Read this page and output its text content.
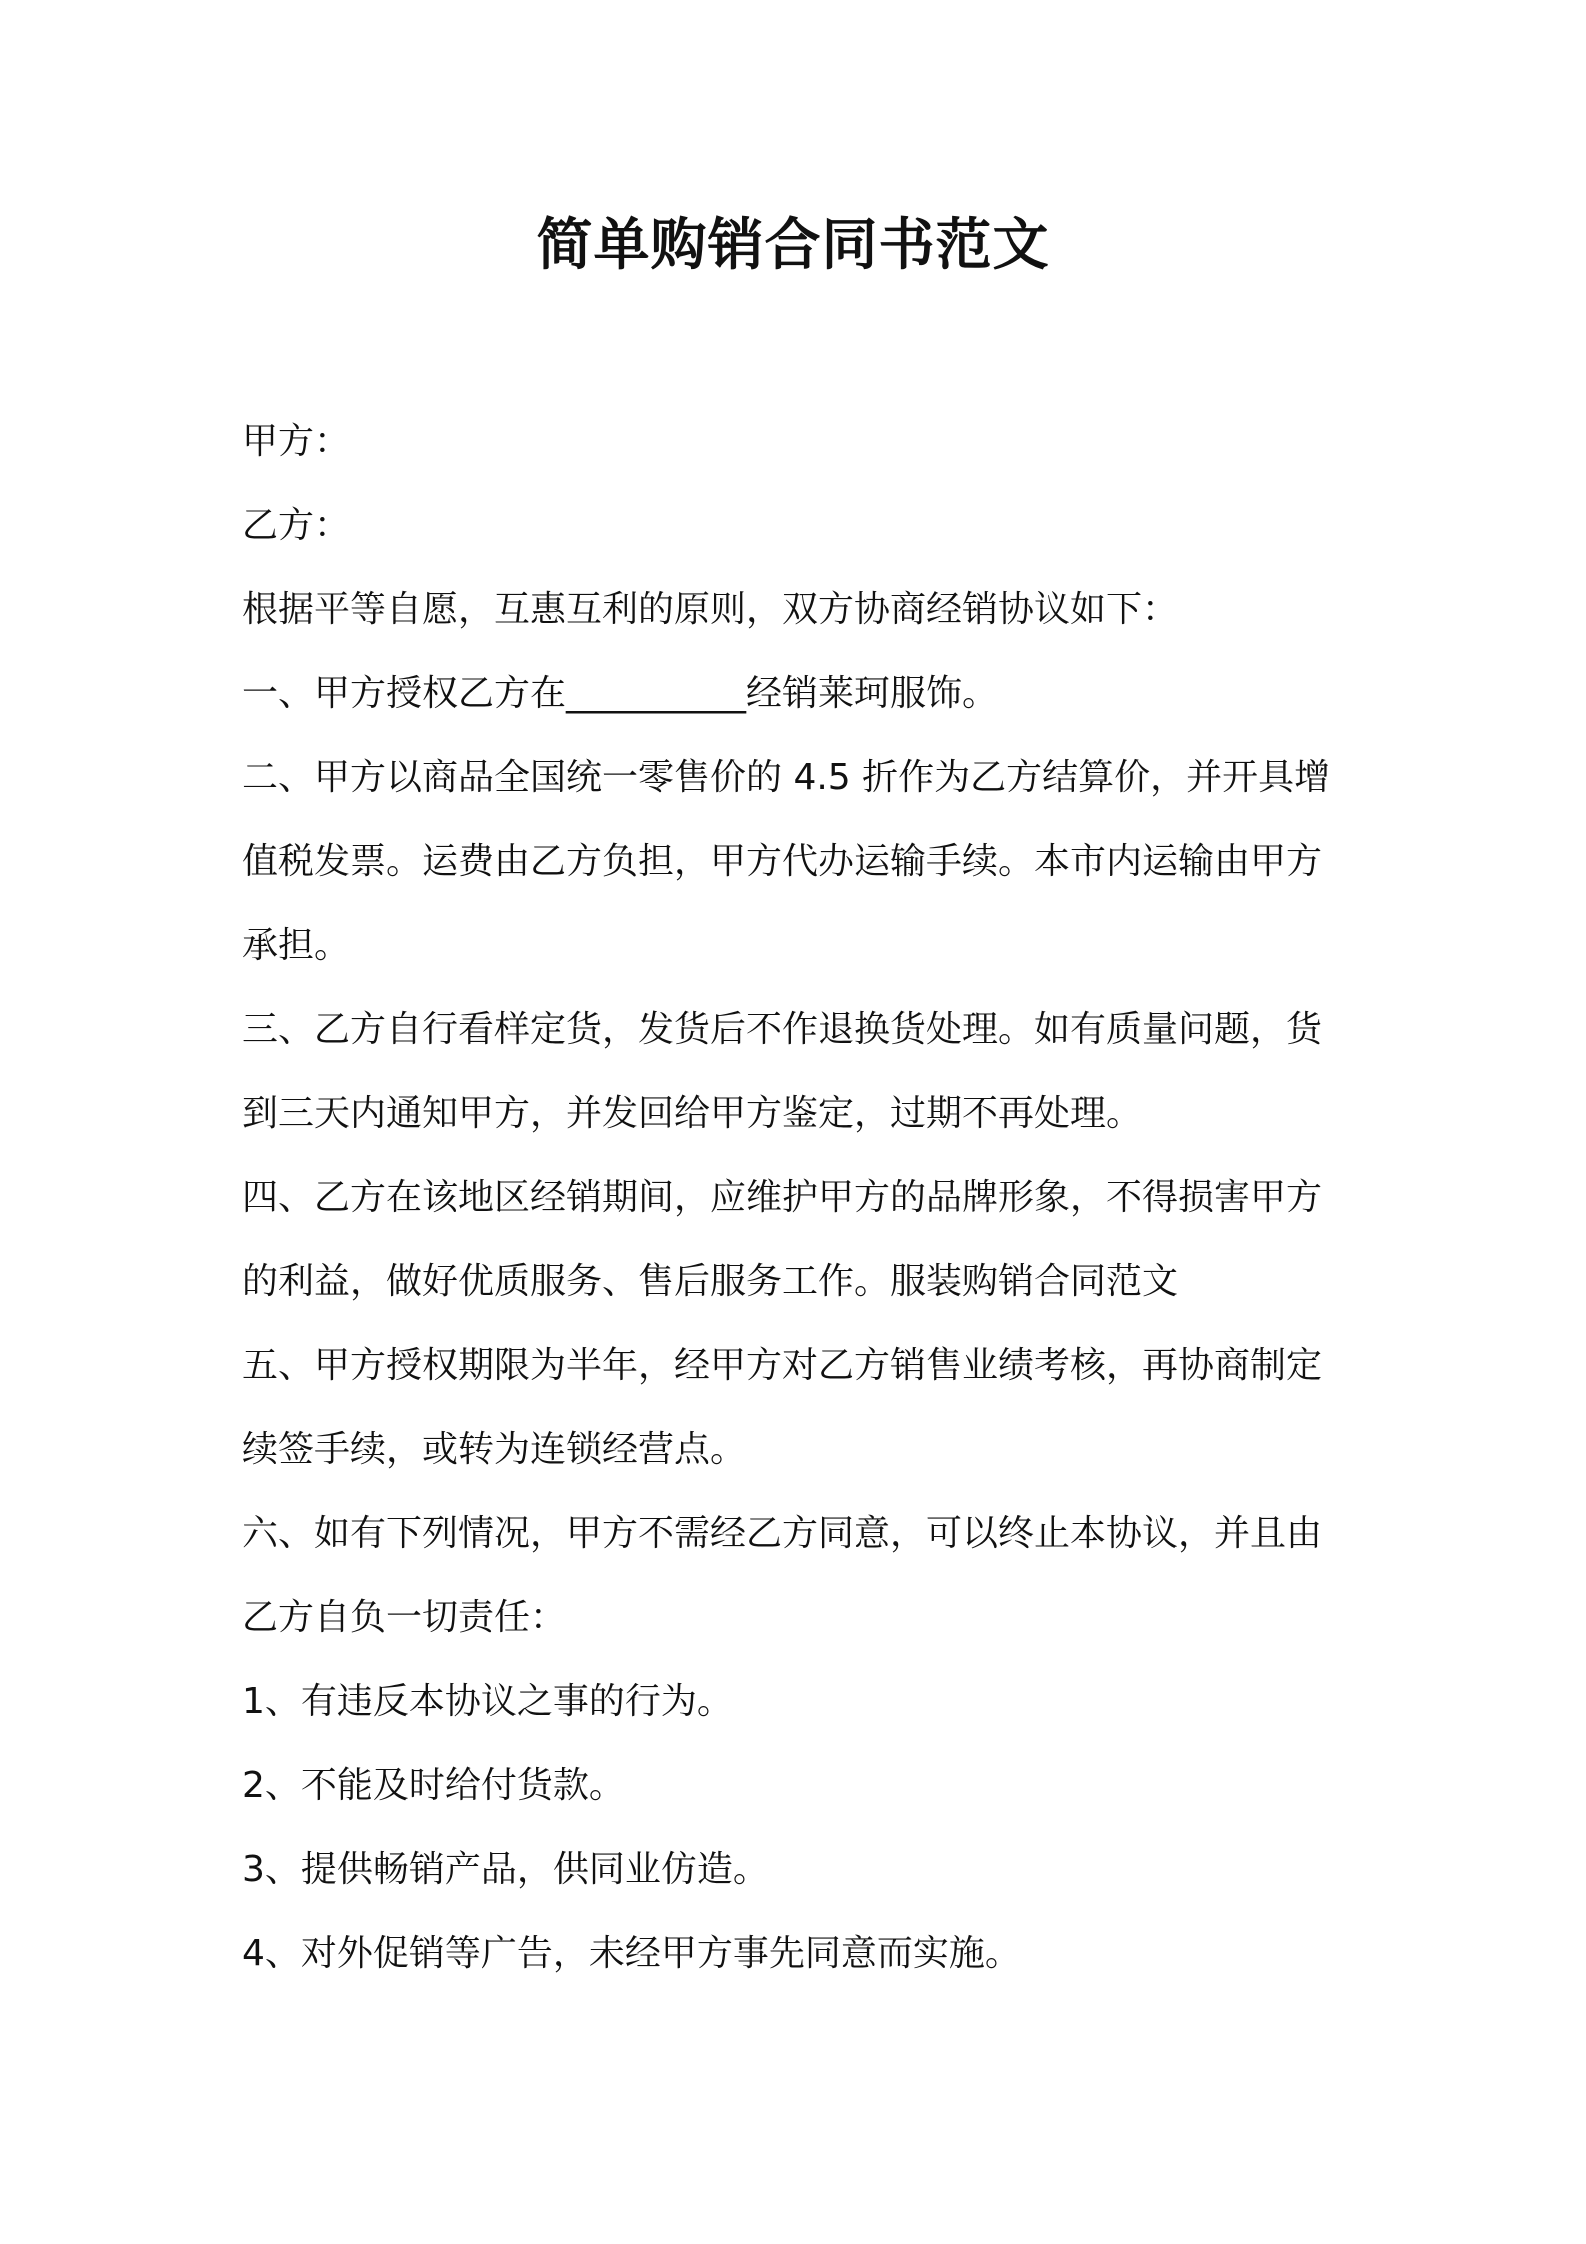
简单购销合同书范文

甲方：

乙方：

根据平等自愿，互惠互利的原则，双方协商经销协议如下：

一、甲方授权乙方在__________经销莱珂服饰。

二、甲方以商品全国统一零售价的 4.5 折作为乙方结算价，并开具增
值税发票。运费由乙方负担，甲方代办运输手续。本市内运输由甲方
承担。
三、乙方自行看样定货，发货后不作退换货处理。如有质量问题，货
到三天内通知甲方，并发回给甲方鉴定，过期不再处理。
四、乙方在该地区经销期间，应维护甲方的品牌形象，不得损害甲方
的利益，做好优质服务、售后服务工作。服装购销合同范文
五、甲方授权期限为半年，经甲方对乙方销售业绩考核，再协商制定
续签手续，或转为连锁经营点。
六、如有下列情况，甲方不需经乙方同意，可以终止本协议，并且由
乙方自负一切责任：

1、有违反本协议之事的行为。

2、不能及时给付货款。

3、提供畅销产品，供同业仿造。

4、对外促销等广告，未经甲方事先同意而实施。
